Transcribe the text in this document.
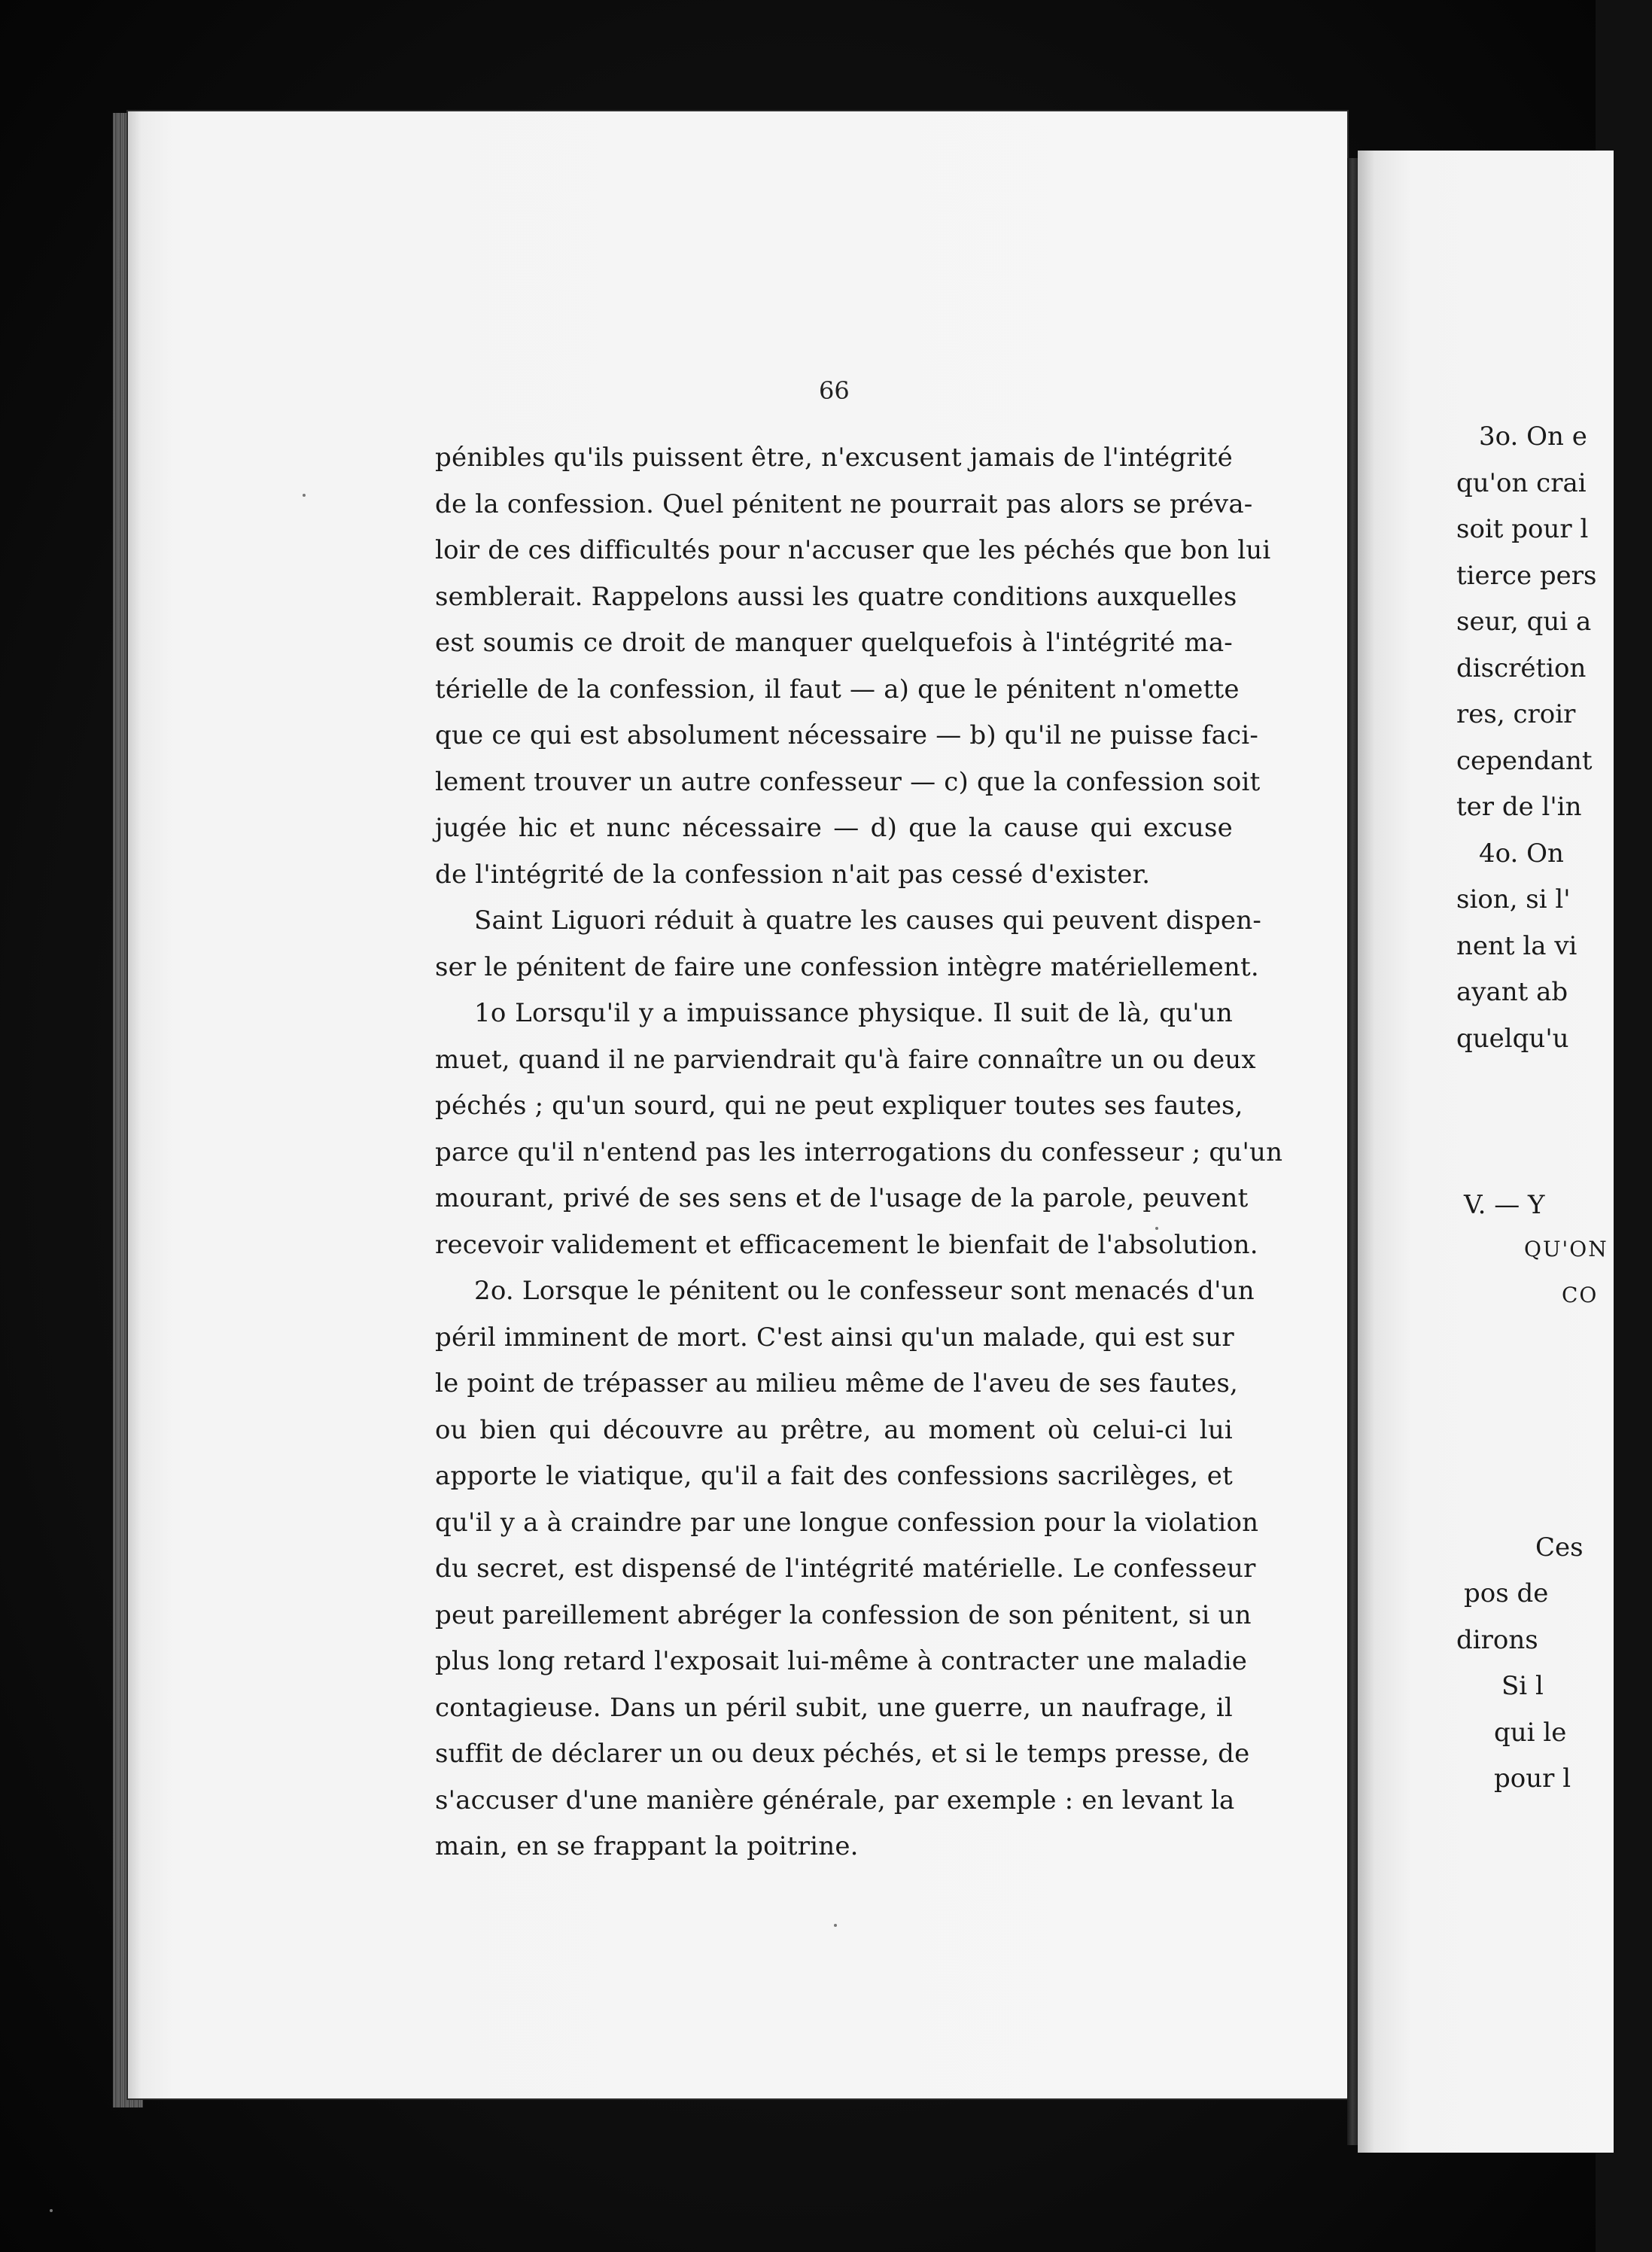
66
pénibles qu'ils puissent être, n'excusent jamais de l'intégrité
de la confession. Quel pénitent ne pourrait pas alors se préva-
loir de ces difficultés pour n'accuser que les péchés que bon lui
semblerait. Rappelons aussi les quatre conditions auxquelles
est soumis ce droit de manquer quelquefois à l'intégrité ma-
térielle de la confession, il faut — a) que le pénitent n'omette
que ce qui est absolument nécessaire — b) qu'il ne puisse faci-
lement trouver un autre confesseur — c) que la confession soit
jugée hic et nunc nécessaire — d) que la cause qui excuse
de l'intégrité de la confession n'ait pas cessé d'exister.
Saint Liguori réduit à quatre les causes qui peuvent dispen-
ser le pénitent de faire une confession intègre matériellement.
1o Lorsqu'il y a impuissance physique. Il suit de là, qu'un
muet, quand il ne parviendrait qu'à faire connaître un ou deux
péchés ; qu'un sourd, qui ne peut expliquer toutes ses fautes,
parce qu'il n'entend pas les interrogations du confesseur ; qu'un
mourant, privé de ses sens et de l'usage de la parole, peuvent
recevoir validement et efficacement le bienfait de l'absolution.
2o. Lorsque le pénitent ou le confesseur sont menacés d'un
péril imminent de mort. C'est ainsi qu'un malade, qui est sur
le point de trépasser au milieu même de l'aveu de ses fautes,
ou bien qui découvre au prêtre, au moment où celui-ci lui
apporte le viatique, qu'il a fait des confessions sacrilèges, et
qu'il y a à craindre par une longue confession pour la violation
du secret, est dispensé de l'intégrité matérielle. Le confesseur
peut pareillement abréger la confession de son pénitent, si un
plus long retard l'exposait lui-même à contracter une maladie
contagieuse. Dans un péril subit, une guerre, un naufrage, il
suffit de déclarer un ou deux péchés, et si le temps presse, de
s'accuser d'une manière générale, par exemple : en levant la
main, en se frappant la poitrine.
3o. On e
qu'on crai
soit pour l
tierce pers
seur, qui a
discrétion
res, croir
cependant
ter de l'in
4o. On
sion, si l'
nent la vi
ayant ab
quelqu'u
V. — Y
QU'ON
CO
Ces
pos de
dirons
Si l
qui le
pour l
